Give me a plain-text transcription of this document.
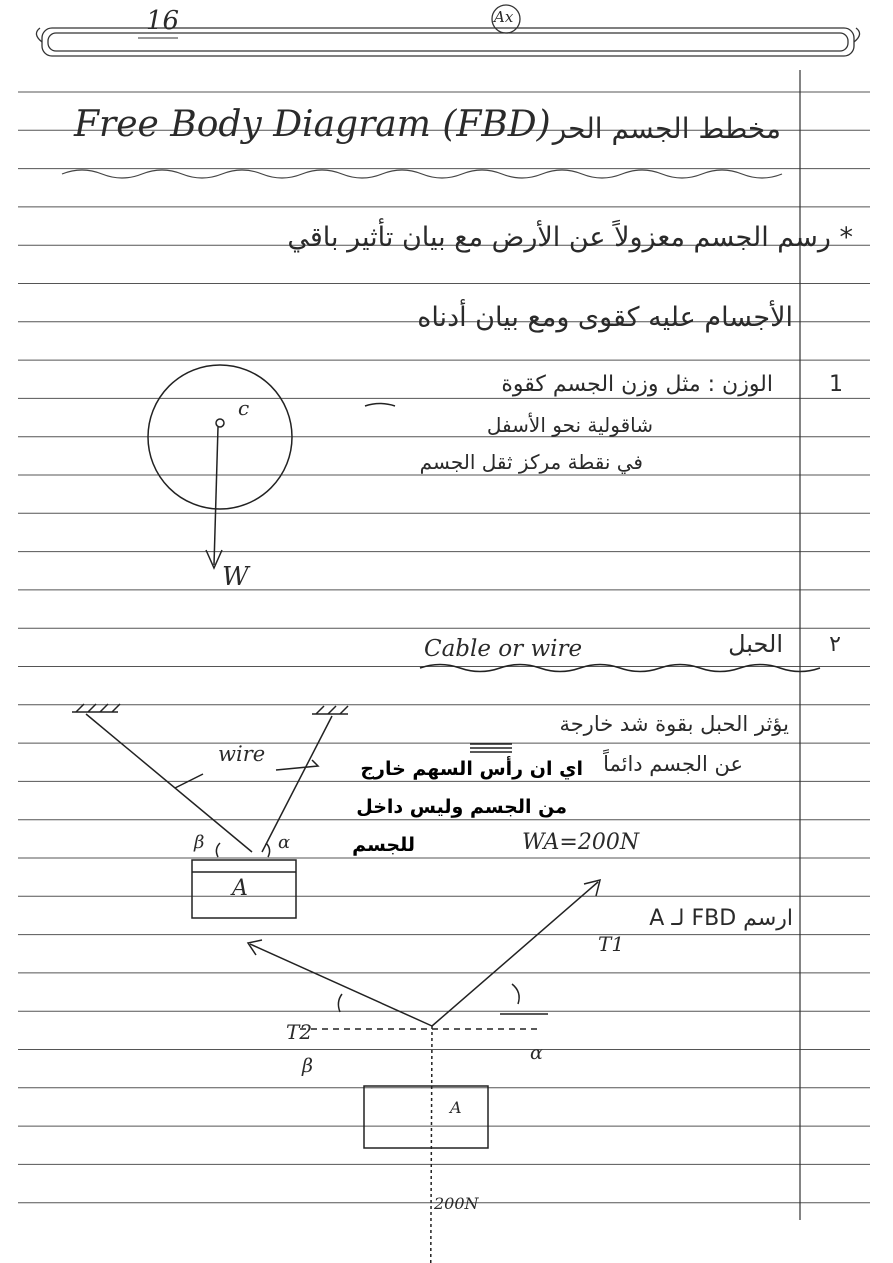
16	Ax
Free Body Diagram (FBD) مخطط الجسم الحر
* رسم الجسم معزولاً عن الأرض مع بيان تأثير باقي
الأجسام عليه كقوى ومع بيان أدناه
1
الوزن : مثل وزن الجسم كقوة
شاقولية نحو الأسفل
في نقطة مركز ثقل الجسم
c
W
٢
الحبل
Cable or wire
يؤثر الحبل بقوة شد خارجة
عن الجسم دائماً
اي ان رأس السهم خارج
من الجسم وليس داخل
للجسم	WA=200N
wire
β	α
A
ارسم FBD لـ A
T1
T2
β
α
A
200N
